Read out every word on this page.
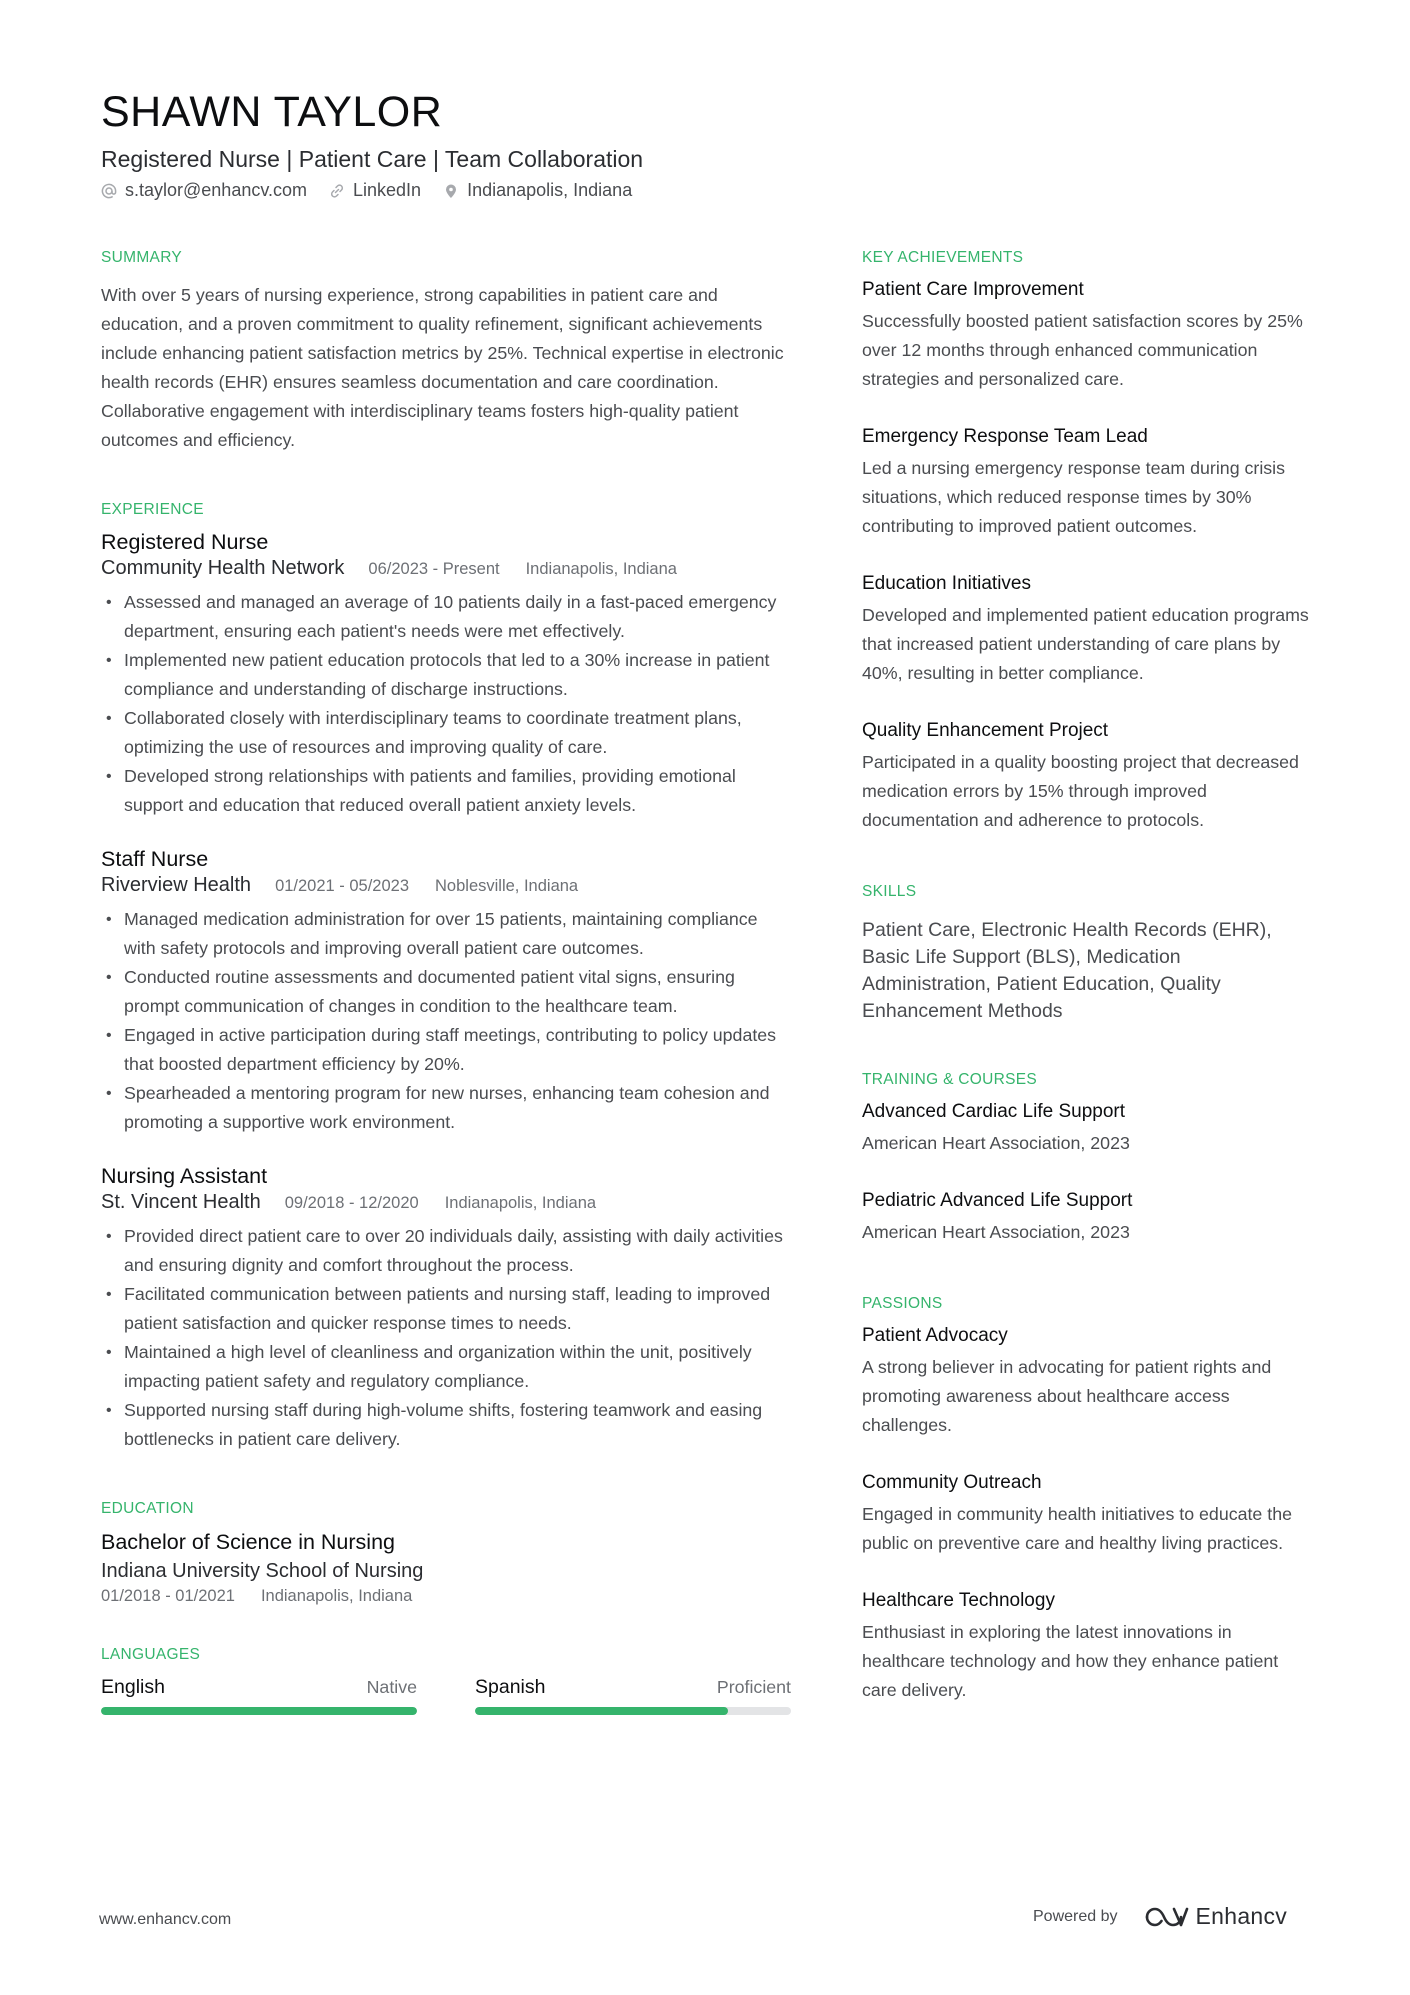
SHAWN TAYLOR
Registered Nurse | Patient Care | Team Collaboration
s.taylor@enhancv.com	LinkedIn	Indianapolis, Indiana
SUMMARY

With over 5 years of nursing experience, strong capabilities in patient care and education, and a proven commitment to quality refinement, significant achievements include enhancing patient satisfaction metrics by 25%. Technical expertise in electronic health records (EHR) ensures seamless documentation and care coordination. Collaborative engagement with interdisciplinary teams fosters high-quality patient outcomes and efficiency.

EXPERIENCE
Registered Nurse
Community Health Network 06/2023 - Present Indianapolis, Indiana
• Assessed and managed an average of 10 patients daily in a fast-paced emergency department, ensuring each patient's needs were met effectively.
• Implemented new patient education protocols that led to a 30% increase in patient compliance and understanding of discharge instructions.
• Collaborated closely with interdisciplinary teams to coordinate treatment plans, optimizing the use of resources and improving quality of care.
• Developed strong relationships with patients and families, providing emotional support and education that reduced overall patient anxiety levels.
Staff Nurse
Riverview Health 01/2021 - 05/2023 Noblesville, Indiana
• Managed medication administration for over 15 patients, maintaining compliance with safety protocols and improving overall patient care outcomes.
• Conducted routine assessments and documented patient vital signs, ensuring prompt communication of changes in condition to the healthcare team.
• Engaged in active participation during staff meetings, contributing to policy updates that boosted department efficiency by 20%.
• Spearheaded a mentoring program for new nurses, enhancing team cohesion and promoting a supportive work environment.
Nursing Assistant
St. Vincent Health 09/2018 - 12/2020 Indianapolis, Indiana
• Provided direct patient care to over 20 individuals daily, assisting with daily activities and ensuring dignity and comfort throughout the process.
• Facilitated communication between patients and nursing staff, leading to improved patient satisfaction and quicker response times to needs.
• Maintained a high level of cleanliness and organization within the unit, positively impacting patient safety and regulatory compliance.
• Supported nursing staff during high-volume shifts, fostering teamwork and easing bottlenecks in patient care delivery.
EDUCATION
Bachelor of Science in Nursing
Indiana University School of Nursing
01/2018 - 01/2021 Indianapolis, Indiana
LANGUAGES
English	Native	Spanish	Proficient
KEY ACHIEVEMENTS
Patient Care Improvement
Successfully boosted patient satisfaction scores by 25% over 12 months through enhanced communication strategies and personalized care.
Emergency Response Team Lead
Led a nursing emergency response team during crisis situations, which reduced response times by 30% contributing to improved patient outcomes.
Education Initiatives
Developed and implemented patient education programs that increased patient understanding of care plans by 40%, resulting in better compliance.
Quality Enhancement Project
Participated in a quality boosting project that decreased medication errors by 15% through improved documentation and adherence to protocols.
SKILLS
Patient Care, Electronic Health Records (EHR), Basic Life Support (BLS), Medication Administration, Patient Education, Quality Enhancement Methods
TRAINING & COURSES
Advanced Cardiac Life Support
American Heart Association, 2023
Pediatric Advanced Life Support
American Heart Association, 2023
PASSIONS
Patient Advocacy
A strong believer in advocating for patient rights and promoting awareness about healthcare access challenges.
Community Outreach
Engaged in community health initiatives to educate the public on preventive care and healthy living practices.
Healthcare Technology
Enthusiast in exploring the latest innovations in healthcare technology and how they enhance patient care delivery.
www.enhancv.com	Powered by	Enhancv
